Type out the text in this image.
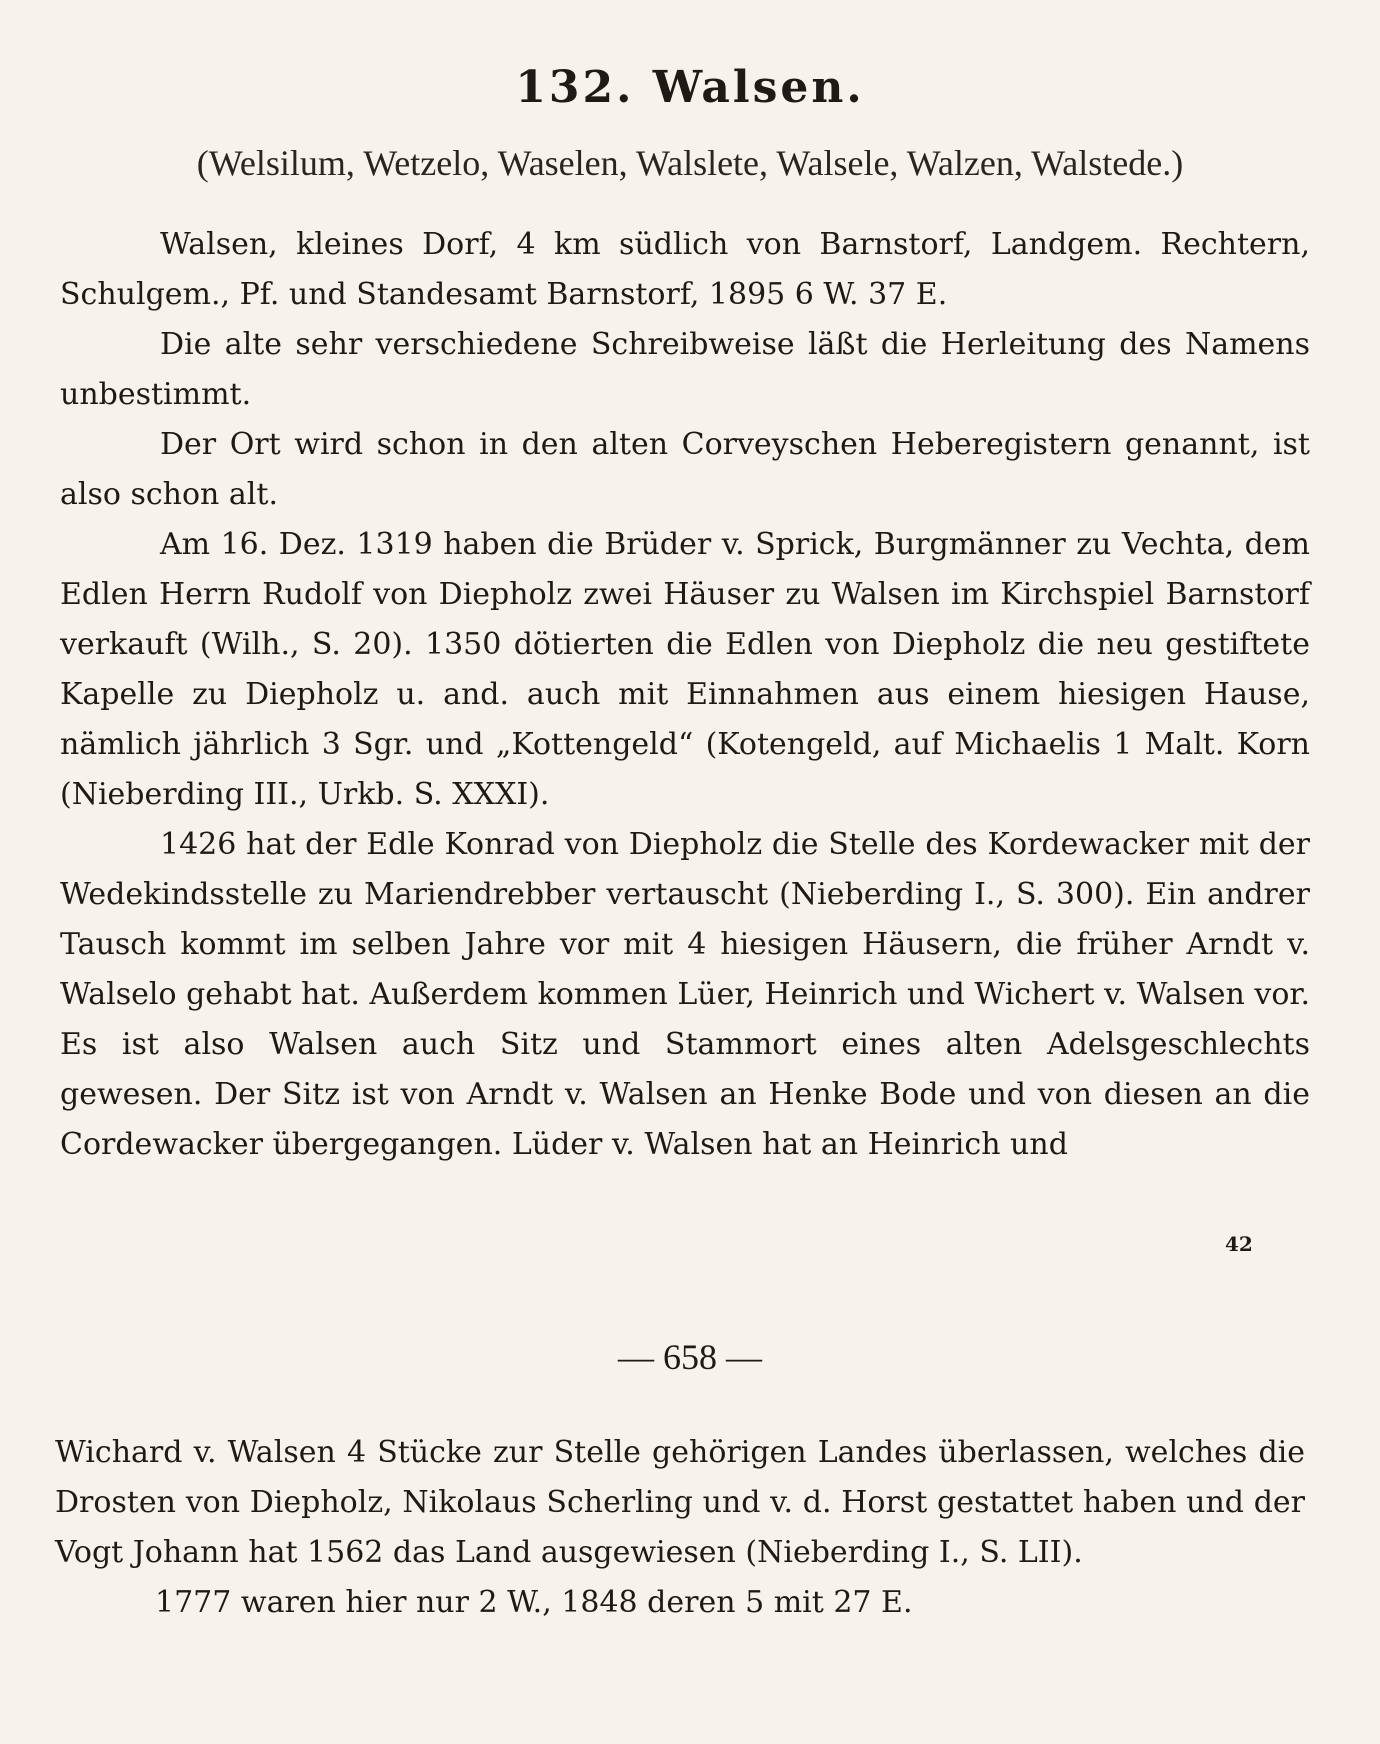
132. Walsen.
(Welsilum, Wetzelo, Waselen, Walslete, Walsele, Walzen, Walstede.)

Walsen, kleines Dorf, 4 km südlich von Barnstorf, Landgem. Rechtern, Schulgem., Pf. und Standesamt Barnstorf, 1895 6 W. 37 E.

Die alte sehr verschiedene Schreibweise läßt die Herleitung des Namens unbestimmt.

Der Ort wird schon in den alten Corveyschen Heberegistern genannt, ist also schon alt.

Am 16. Dez. 1319 haben die Brüder v. Sprick, Burgmänner zu Vechta, dem Edlen Herrn Rudolf von Diepholz zwei Häuser zu Walsen im Kirchspiel Barnstorf verkauft (Wilh., S. 20). 1350 dötierten die Edlen von Diepholz die neu gestiftete Kapelle zu Diepholz u. and. auch mit Einnahmen aus einem hiesigen Hause, nämlich jährlich 3 Sgr. und „Kottengeld“ (Kotengeld, auf Michaelis 1 Malt. Korn (Nieberding III., Urkb. S. XXXI).

1426 hat der Edle Konrad von Diepholz die Stelle des Kordewacker mit der Wedekindsstelle zu Mariendrebber vertauscht (Nieberding I., S. 300). Ein andrer Tausch kommt im selben Jahre vor mit 4 hiesigen Häusern, die früher Arndt v. Walselo gehabt hat. Außerdem kommen Lüer, Heinrich und Wichert v. Walsen vor. Es ist also Walsen auch Sitz und Stammort eines alten Adelsgeschlechts gewesen. Der Sitz ist von Arndt v. Walsen an Henke Bode und von diesen an die Cordewacker übergegangen. Lüder v. Walsen hat an Heinrich und

42
— 658 —

Wichard v. Walsen 4 Stücke zur Stelle gehörigen Landes überlassen, welches die Drosten von Diepholz, Nikolaus Scherling und v. d. Horst gestattet haben und der Vogt Johann hat 1562 das Land ausgewiesen (Nieberding I., S. LII).

1777 waren hier nur 2 W., 1848 deren 5 mit 27 E.
